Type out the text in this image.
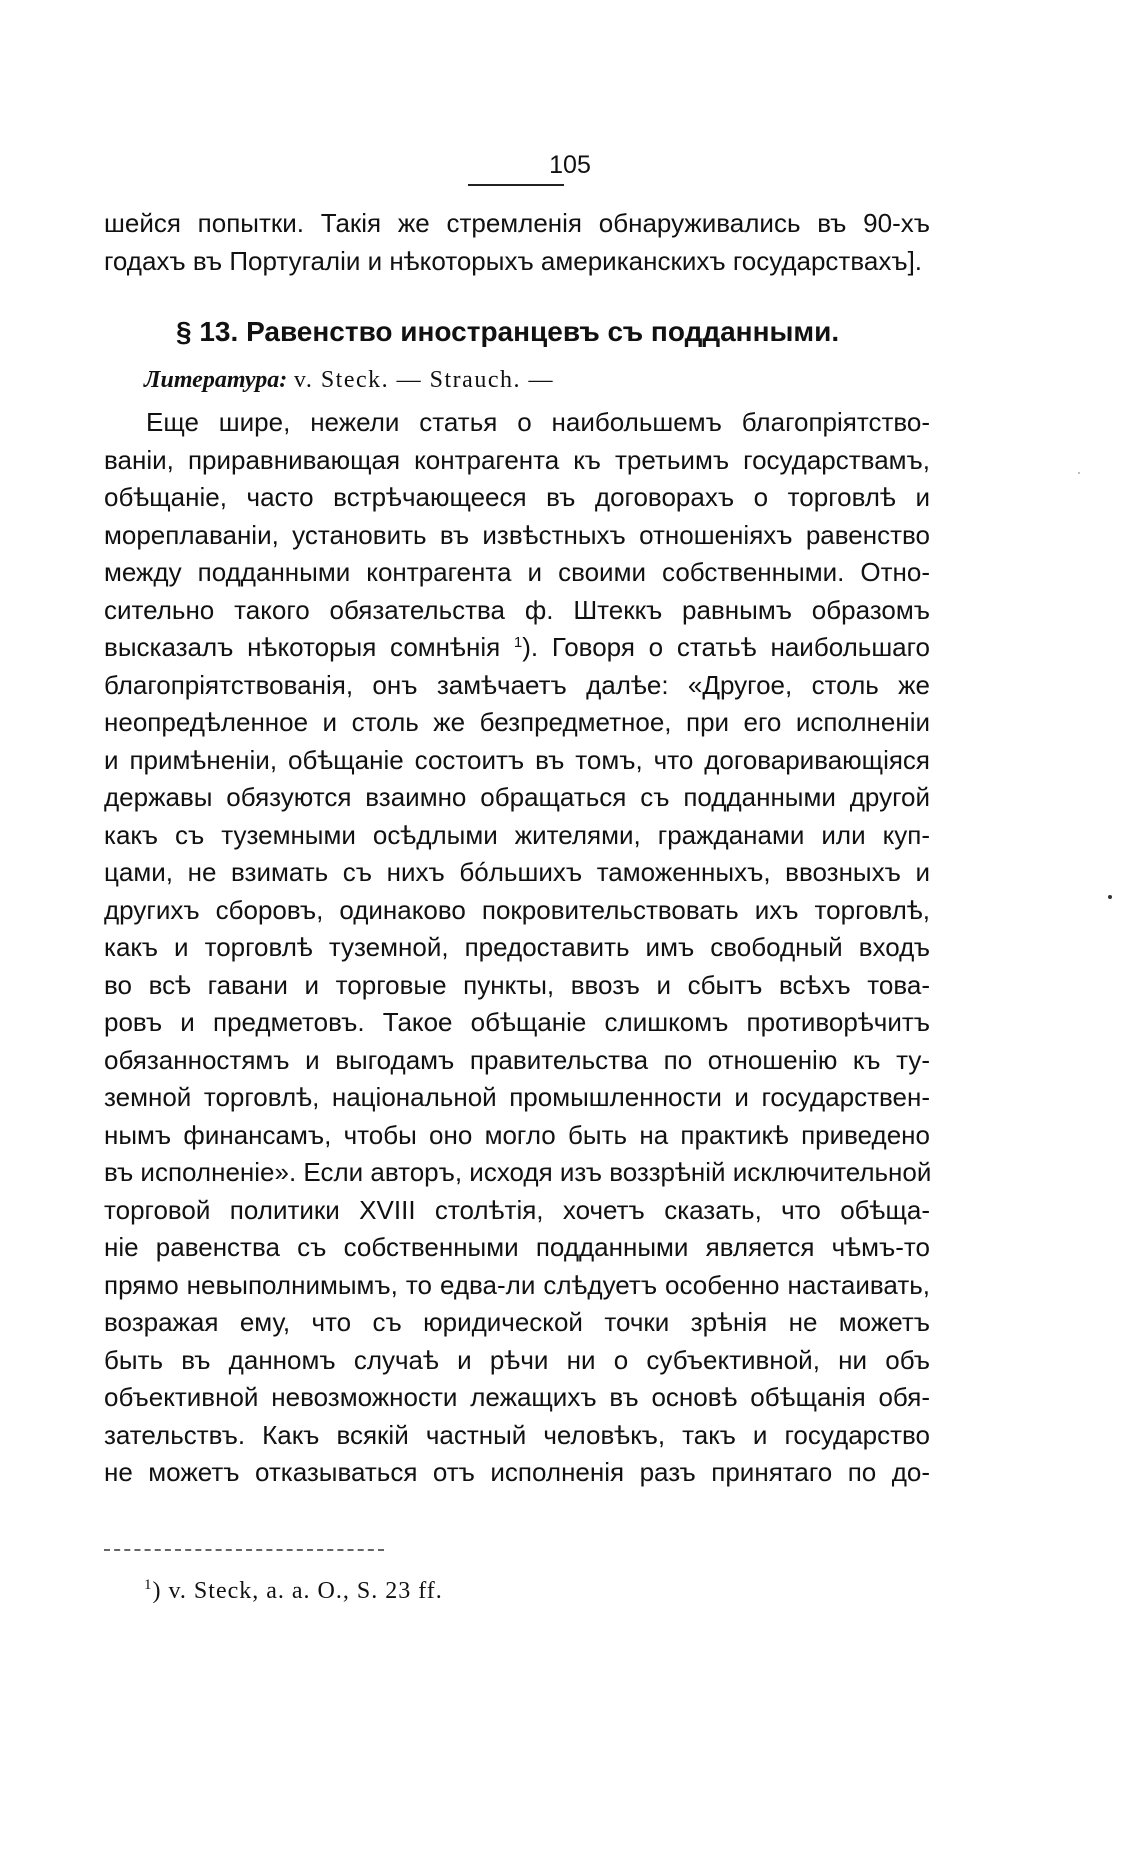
105
шейся попытки. Такія же стремленія обнаруживались въ 90-хъ
годахъ въ Португаліи и нѣкоторыхъ американскихъ государствахъ].
§ 13. Равенство иностранцевъ съ подданными.
Литература: v. Steck. — Strauch. —
Еще шире, нежели статья о наибольшемъ благопріятство-
ваніи, приравнивающая контрагента къ третьимъ государствамъ,
обѣщаніе, часто встрѣчающееся въ договорахъ о торговлѣ и
мореплаваніи, установить въ извѣстныхъ отношеніяхъ равенство
между подданными контрагента и своими собственными. Отно-
сительно такого обязательства ф. Штеккъ равнымъ образомъ
высказалъ нѣкоторыя сомнѣнія $^1$). Говоря о статьѣ наибольшаго
благопріятствованія, онъ замѣчаетъ далѣе: «Другое, столь же
неопредѣленное и столь же безпредметное, при его исполненіи
и примѣненіи, обѣщаніе состоитъ въ томъ, что договаривающіяся
державы обязуются взаимно обращаться съ подданными другой
какъ съ туземными осѣдлыми жителями, гражданами или куп-
цами, не взимать съ нихъ бóльшихъ таможенныхъ, ввозныхъ и
другихъ сборовъ, одинаково покровительствовать ихъ торговлѣ,
какъ и торговлѣ туземной, предоставить имъ свободный входъ
во всѣ гавани и торговые пункты, ввозъ и сбытъ всѣхъ това-
ровъ и предметовъ. Такое обѣщаніе слишкомъ противорѣчитъ
обязанностямъ и выгодамъ правительства по отношенію къ ту-
земной торговлѣ, національной промышленности и государствен-
нымъ финансамъ, чтобы оно могло быть на практикѣ приведено
въ исполненіе». Если авторъ, исходя изъ воззрѣній исключительной
торговой политики XVIII столѣтія, хочетъ сказать, что обѣща-
ніе равенства съ собственными подданными является чѣмъ-то
прямо невыполнимымъ, то едва-ли слѣдуетъ особенно настаивать,
возражая ему, что съ юридической точки зрѣнія не можетъ
быть въ данномъ случаѣ и рѣчи ни о субъективной, ни объ
объективной невозможности лежащихъ въ основѣ обѣщанія обя-
зательствъ. Какъ всякій частный человѣкъ, такъ и государство
не можетъ отказываться отъ исполненія разъ принятаго по до-
$^1$) v. Steck, a. a. O., S. 23 ff.
